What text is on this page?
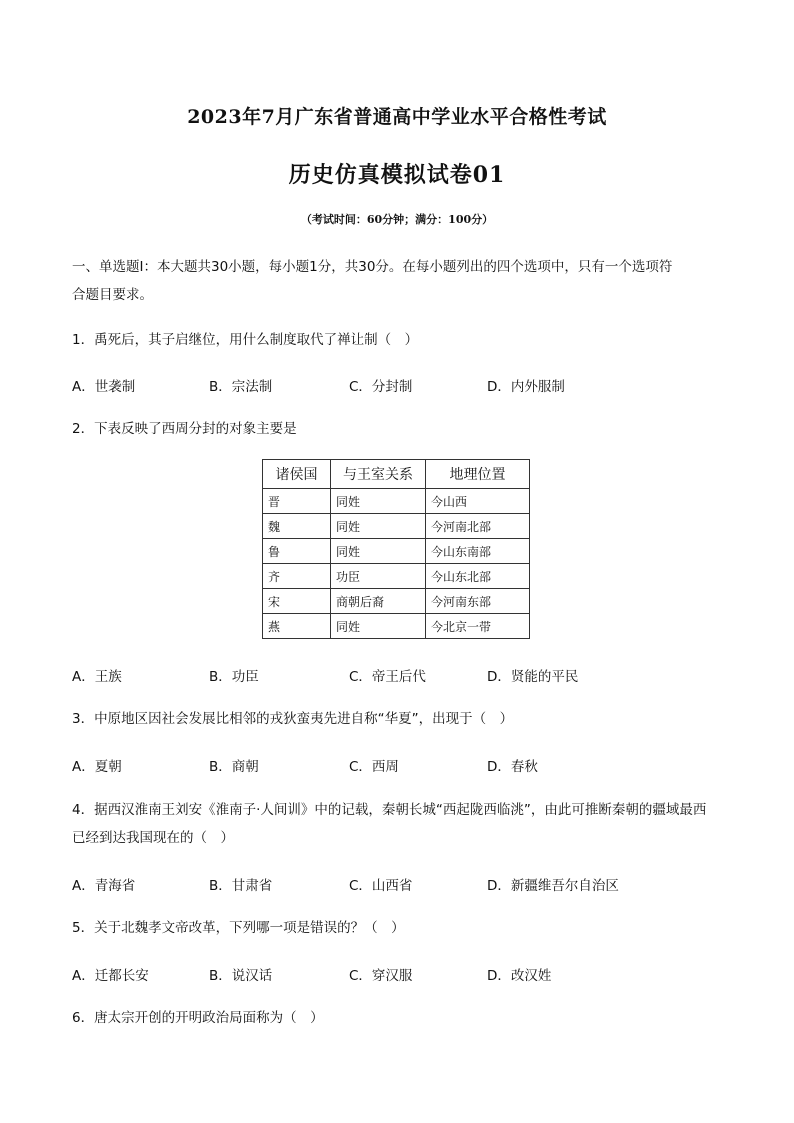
2023年7月广东省普通高中学业水平合格性考试
历史仿真模拟试卷01
（考试时间：60分钟；满分：100分）
一、单选题Ⅰ：本大题共30小题，每小题1分，共30分。在每小题列出的四个选项中，只有一个选项符
合题目要求。
1．禹死后，其子启继位，用什么制度取代了禅让制（　）
A．世袭制	B．宗法制	C．分封制	D．内外服制
2．下表反映了西周分封的对象主要是
诸侯国	与王室关系	地理位置
晋	同姓	今山西
魏	同姓	今河南北部
鲁	同姓	今山东南部
齐	功臣	今山东北部
宋	商朝后裔	今河南东部
燕	同姓	今北京一带
A．王族	B．功臣	C．帝王后代	D．贤能的平民
3．中原地区因社会发展比相邻的戎狄蛮夷先进自称“华夏”，出现于（　）
A．夏朝	B．商朝	C．西周	D．春秋
4．据西汉淮南王刘安《淮南子·人间训》中的记载，秦朝长城“西起陇西临洮”，由此可推断秦朝的疆域最西
已经到达我国现在的（　）
A．青海省	B．甘肃省	C．山西省	D．新疆维吾尔自治区
5．关于北魏孝文帝改革，下列哪一项是错误的？（　）
A．迁都长安	B．说汉话	C．穿汉服	D．改汉姓
6．唐太宗开创的开明政治局面称为（　）
